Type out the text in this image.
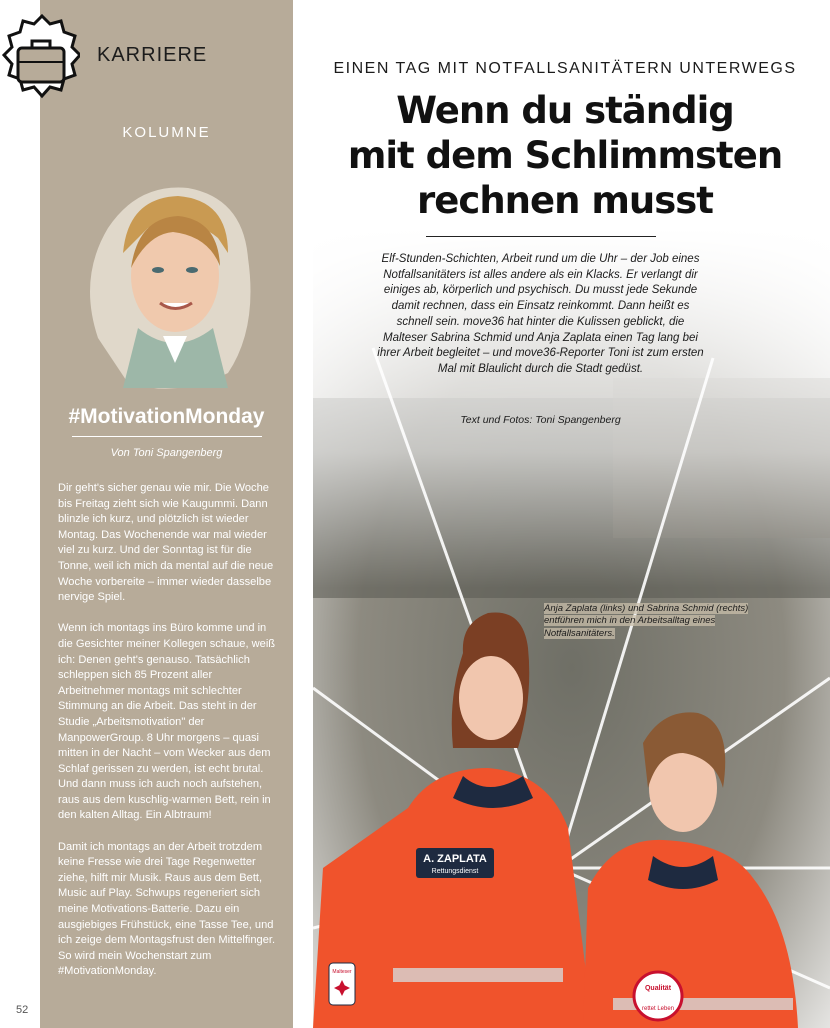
KARRIERE
KOLUMNE
#MotivationMonday
Von Toni Spangenberg

Dir geht's sicher genau wie mir. Die Woche bis Freitag zieht sich wie Kaugummi. Dann blinzle ich kurz, und plötzlich ist wieder Montag. Das Wochenende war mal wieder viel zu kurz. Und der Sonntag ist für die Tonne, weil ich mich da mental auf die neue Woche vorbereite – immer wieder dasselbe nervige Spiel.

Wenn ich montags ins Büro komme und in die Gesichter meiner Kollegen schaue, weiß ich: Denen geht's genauso. Tatsächlich schleppen sich 85 Prozent aller Arbeitnehmer montags mit schlechter Stimmung an die Arbeit. Das steht in der Studie „Arbeitsmotivation" der ManpowerGroup. 8 Uhr morgens – quasi mitten in der Nacht – vom Wecker aus dem Schlaf gerissen zu werden, ist echt brutal. Und dann muss ich auch noch aufstehen, raus aus dem kuschlig-warmen Bett, rein in den kalten Alltag. Ein Albtraum!

Damit ich montags an der Arbeit trotzdem keine Fresse wie drei Tage Regenwetter ziehe, hilft mir Musik. Raus aus dem Bett, Music auf Play. Schwups regeneriert sich meine Motivations-Batterie. Dazu ein ausgiebiges Frühstück, eine Tasse Tee, und ich zeige dem Montagsfrust den Mittelfinger. So wird mein Wochenstart zum #MotivationMonday.

52
A. ZAPLATA
Rettungsdienst
Malteser
Qualität
rettet Leben
EINEN TAG MIT NOTFALLSANITÄTERN UNTERWEGS
Wenn du ständig
mit dem Schlimmsten
rechnen musst
Elf-Stunden-Schichten, Arbeit rund um die Uhr – der Job eines Notfallsanitäters ist alles andere als ein Klacks. Er verlangt dir einiges ab, körperlich und psychisch. Du musst jede Sekunde damit rechnen, dass ein Einsatz reinkommt. Dann heißt es schnell sein. move36 hat hinter die Kulissen geblickt, die Malteser Sabrina Schmid und Anja Zaplata einen Tag lang bei ihrer Arbeit begleitet – und move36-Reporter Toni ist zum ersten Mal mit Blaulicht durch die Stadt gedüst.
Text und Fotos: Toni Spangenberg
Anja Zaplata (links) und Sabrina Schmid (rechts) entführen mich in den Arbeitsalltag eines Notfallsanitäters.
